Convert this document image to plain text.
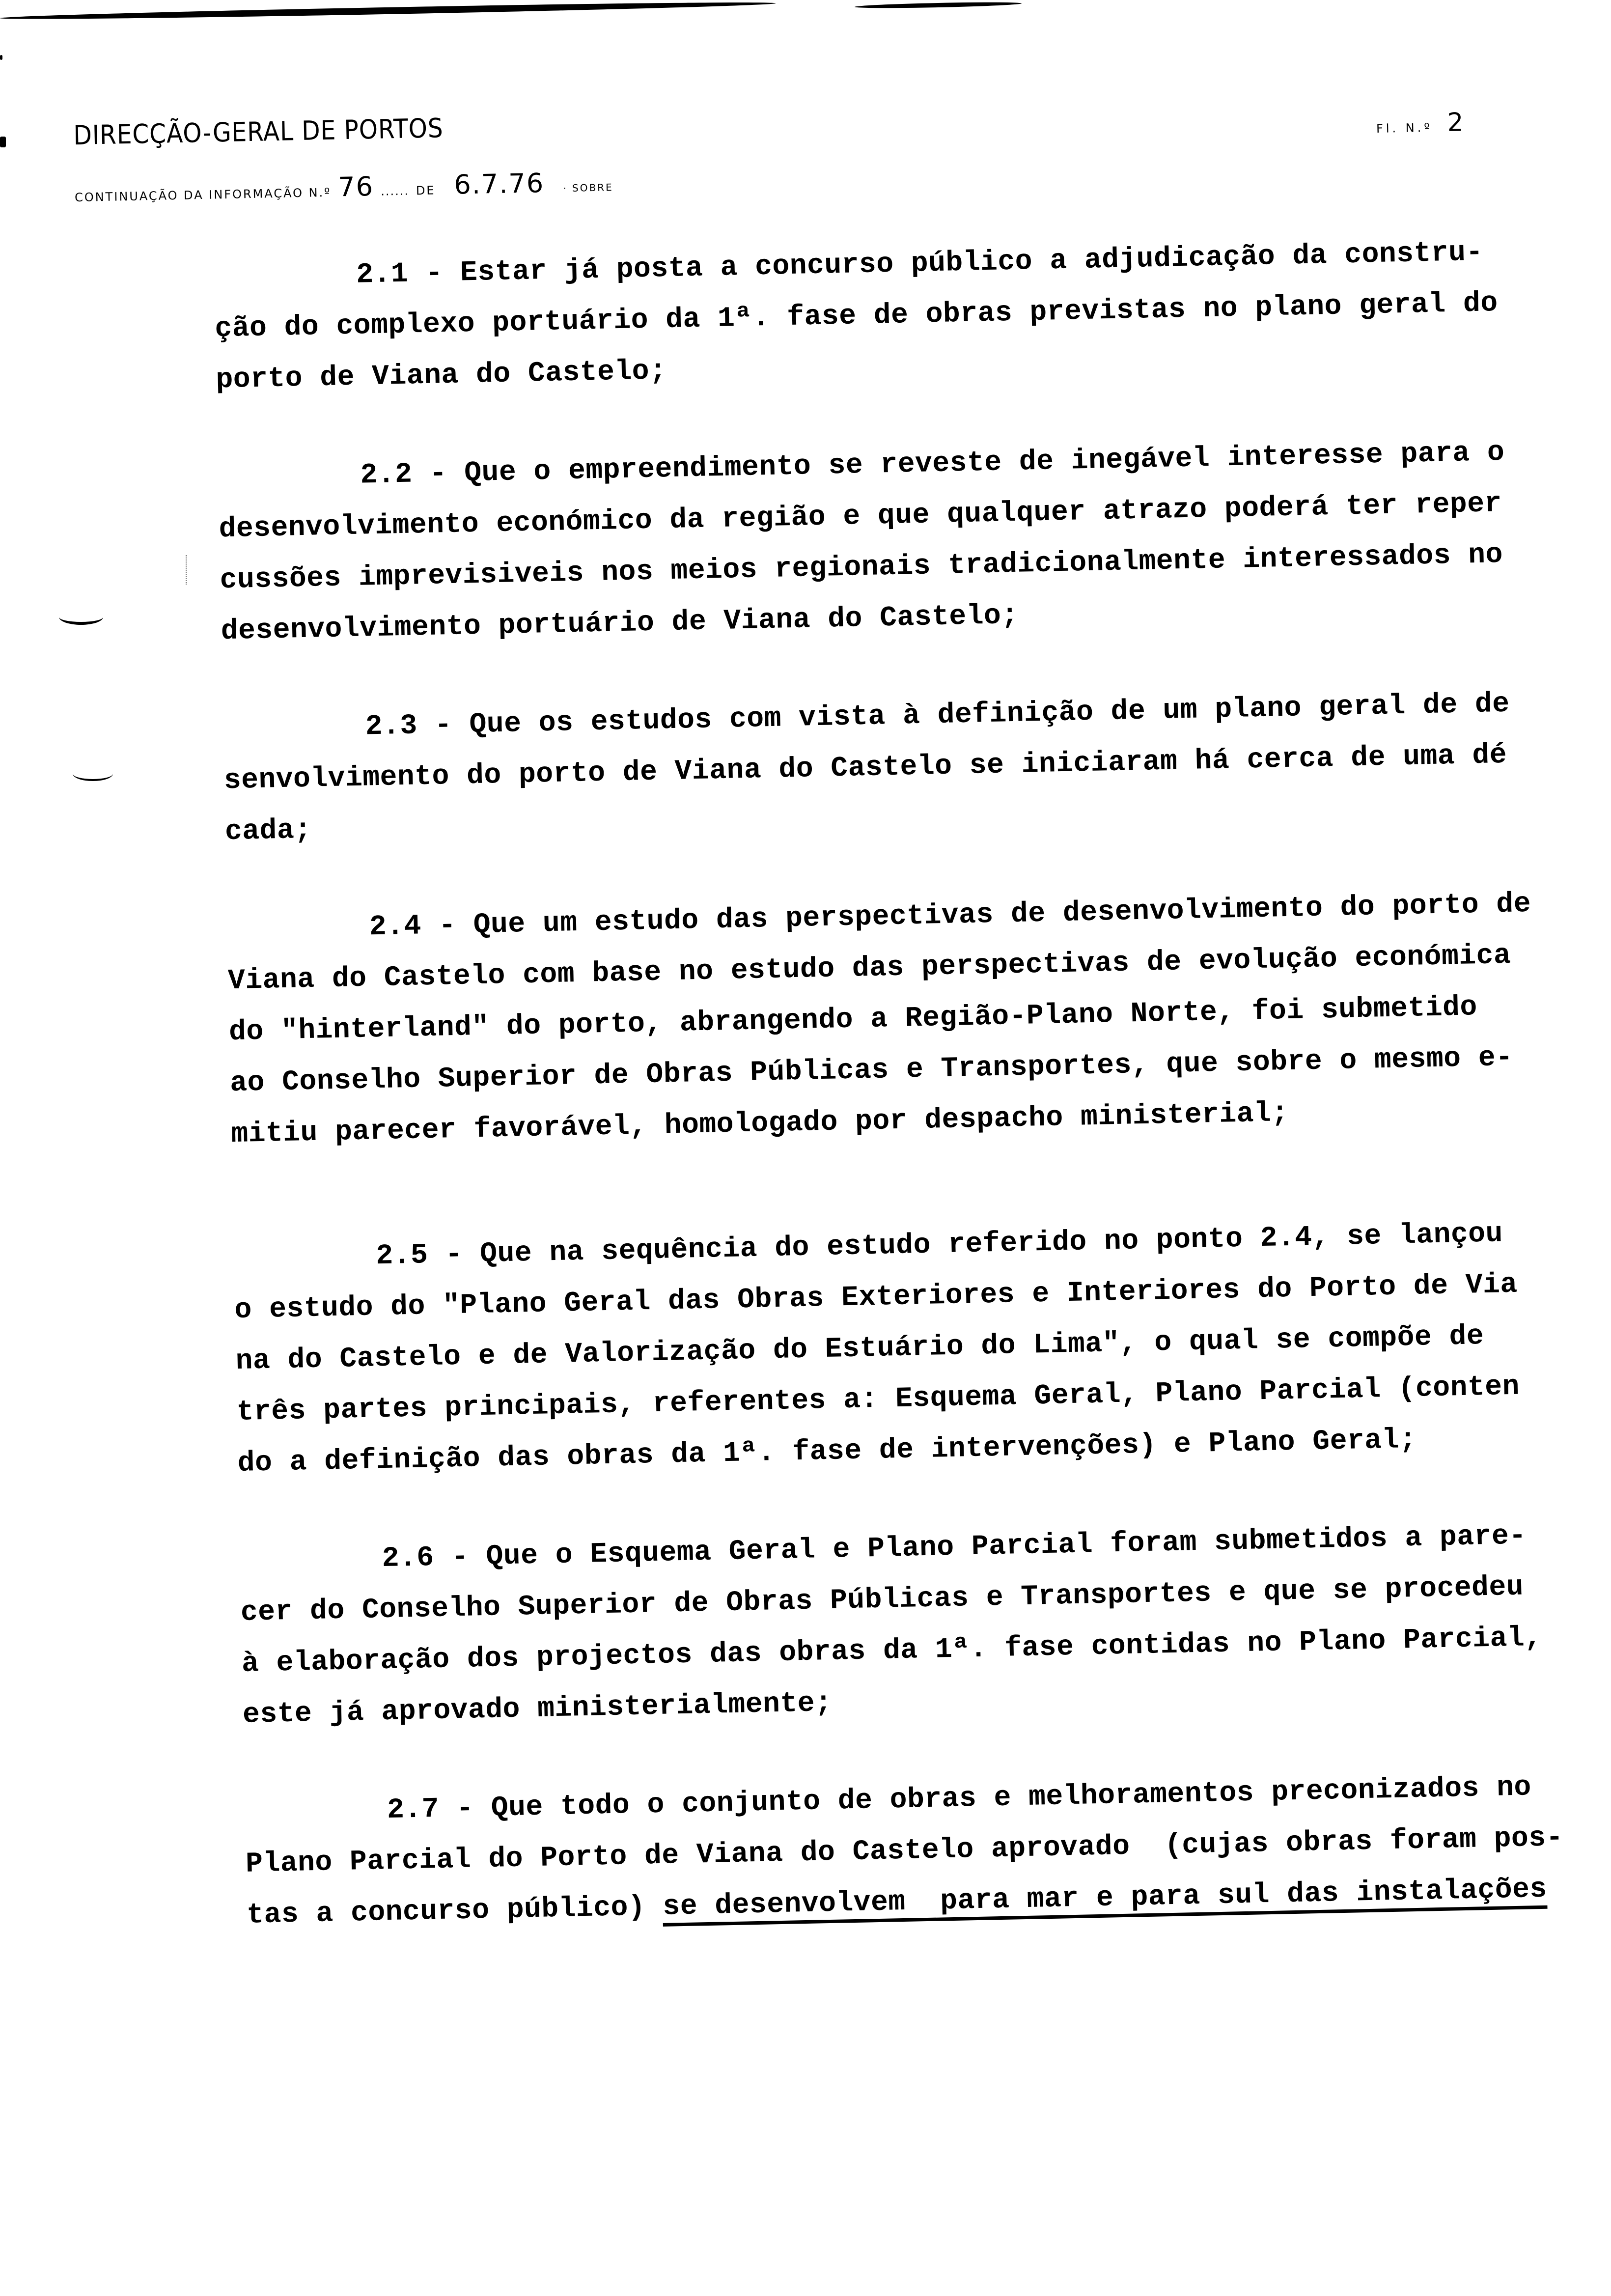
DIRECÇÃO-GERAL DE PORTOS
CONTINUAÇÃO DA INFORMAÇÃO N.º 76 ...... DE 6.7.76 · SOBRE
Fl. N.º 2
2.1 - Estar já posta a concurso público a adjudicação da constru-
ção do complexo portuário da 1ª. fase de obras previstas no plano geral do
porto de Viana do Castelo;
2.2 - Que o empreendimento se reveste de inegável interesse para o
desenvolvimento económico da região e que qualquer atrazo poderá ter reper
cussões imprevisiveis nos meios regionais tradicionalmente interessados no
desenvolvimento portuário de Viana do Castelo;
2.3 - Que os estudos com vista à definição de um plano geral de de
senvolvimento do porto de Viana do Castelo se iniciaram há cerca de uma dé
cada;
2.4 - Que um estudo das perspectivas de desenvolvimento do porto de
Viana do Castelo com base no estudo das perspectivas de evolução económica
do "hinterland" do porto, abrangendo a Região-Plano Norte, foi submetido
ao Conselho Superior de Obras Públicas e Transportes, que sobre o mesmo e-
mitiu parecer favorável, homologado por despacho ministerial;
2.5 - Que na sequência do estudo referido no ponto 2.4, se lançou
o estudo do "Plano Geral das Obras Exteriores e Interiores do Porto de Via
na do Castelo e de Valorização do Estuário do Lima", o qual se compõe de
três partes principais, referentes a: Esquema Geral, Plano Parcial (conten
do a definição das obras da 1ª. fase de intervenções) e Plano Geral;
2.6 - Que o Esquema Geral e Plano Parcial foram submetidos a pare-
cer do Conselho Superior de Obras Públicas e Transportes e que se procedeu
à elaboração dos projectos das obras da 1ª. fase contidas no Plano Parcial,
este já aprovado ministerialmente;
2.7 - Que todo o conjunto de obras e melhoramentos preconizados no
Plano Parcial do Porto de Viana do Castelo aprovado  (cujas obras foram pos-
tas a concurso público) se desenvolvem  para mar e para sul das instalações
